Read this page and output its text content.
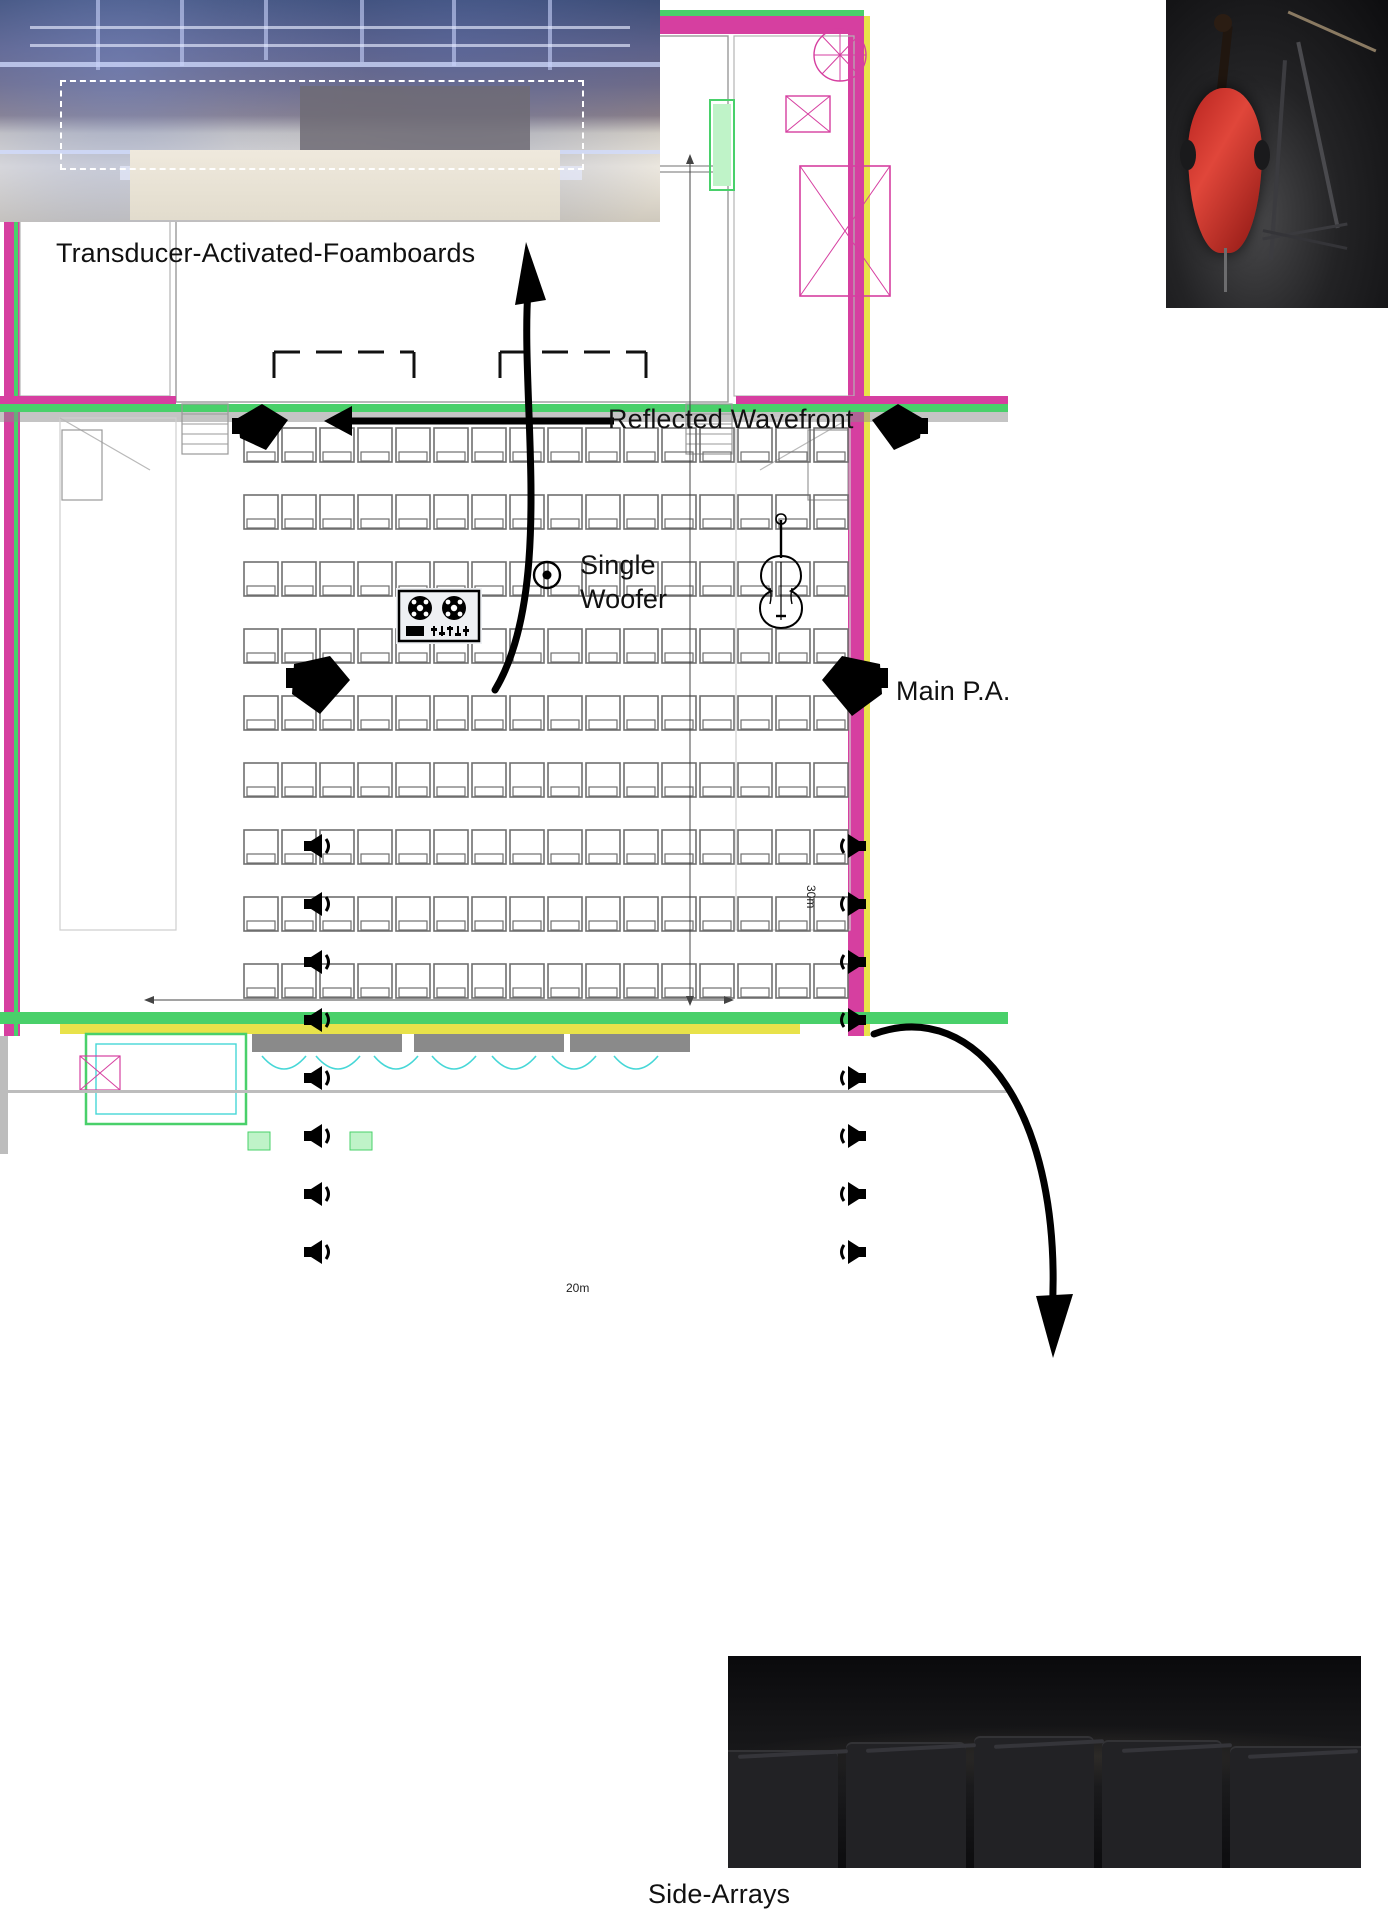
30m
20m
Transducer-Activated-Foamboards
Reflected Wavefront
Main P.A.
Side-Arrays
Single
Woofer
